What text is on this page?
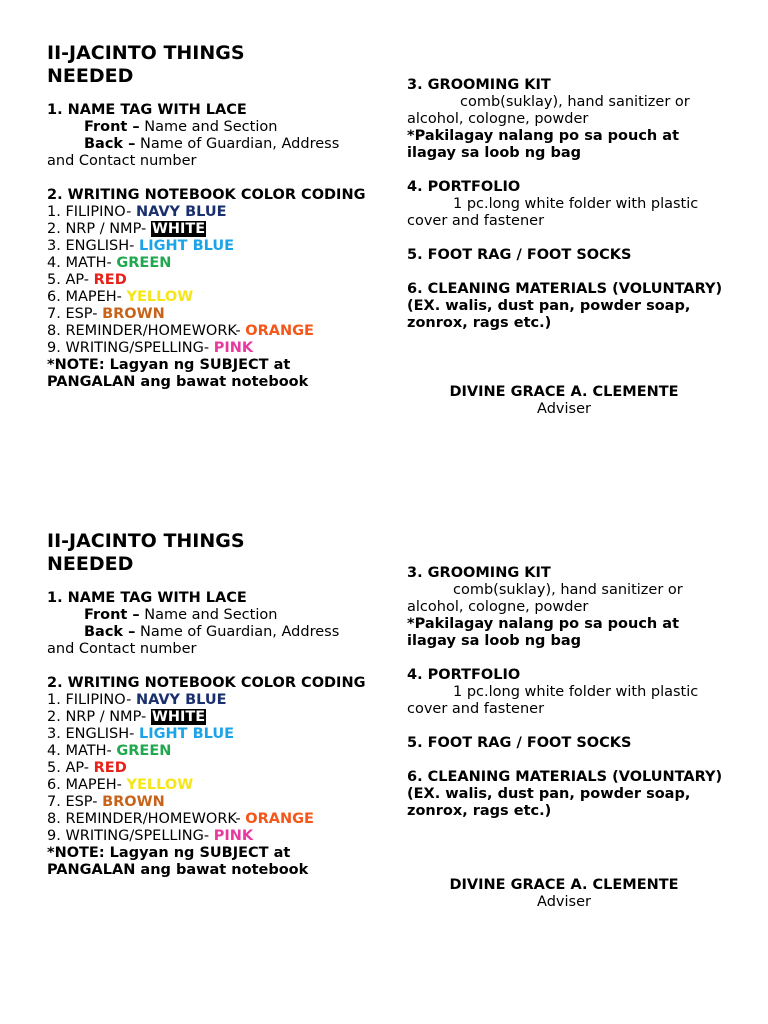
II-JACINTO THINGS
NEEDED
1. NAME TAG WITH LACE
Front – Name and Section
Back – Name of Guardian, Address
and Contact number
2. WRITING NOTEBOOK COLOR CODING
1. FILIPINO- NAVY BLUE
2. NRP / NMP- WHITE
3. ENGLISH- LIGHT BLUE
4. MATH- GREEN
5. AP- RED
6. MAPEH- YELLOW
7. ESP- BROWN
8. REMINDER/HOMEWORK- ORANGE
9. WRITING/SPELLING- PINK
*NOTE: Lagyan ng SUBJECT at PANGALAN ang bawat notebook
3. GROOMING KIT
comb(suklay), hand sanitizer or
alcohol, cologne, powder
*Pakilagay nalang po sa pouch at ilagay sa loob ng bag
4. PORTFOLIO
1 pc.long white folder with plastic
cover and fastener
5. FOOT RAG / FOOT SOCKS
6. CLEANING MATERIALS (VOLUNTARY)
(EX. walis, dust pan, powder soap, zonrox, rags etc.)
DIVINE GRACE A. CLEMENTE
Adviser
II-JACINTO THINGS
NEEDED
1. NAME TAG WITH LACE
Front – Name and Section
Back – Name of Guardian, Address
and Contact number
2. WRITING NOTEBOOK COLOR CODING
1. FILIPINO- NAVY BLUE
2. NRP / NMP- WHITE
3. ENGLISH- LIGHT BLUE
4. MATH- GREEN
5. AP- RED
6. MAPEH- YELLOW
7. ESP- BROWN
8. REMINDER/HOMEWORK- ORANGE
9. WRITING/SPELLING- PINK
*NOTE: Lagyan ng SUBJECT at PANGALAN ang bawat notebook
3. GROOMING KIT
comb(suklay), hand sanitizer or
alcohol, cologne, powder
*Pakilagay nalang po sa pouch at ilagay sa loob ng bag
4. PORTFOLIO
1 pc.long white folder with plastic
cover and fastener
5. FOOT RAG / FOOT SOCKS
6. CLEANING MATERIALS (VOLUNTARY)
(EX. walis, dust pan, powder soap, zonrox, rags etc.)
DIVINE GRACE A. CLEMENTE
Adviser
